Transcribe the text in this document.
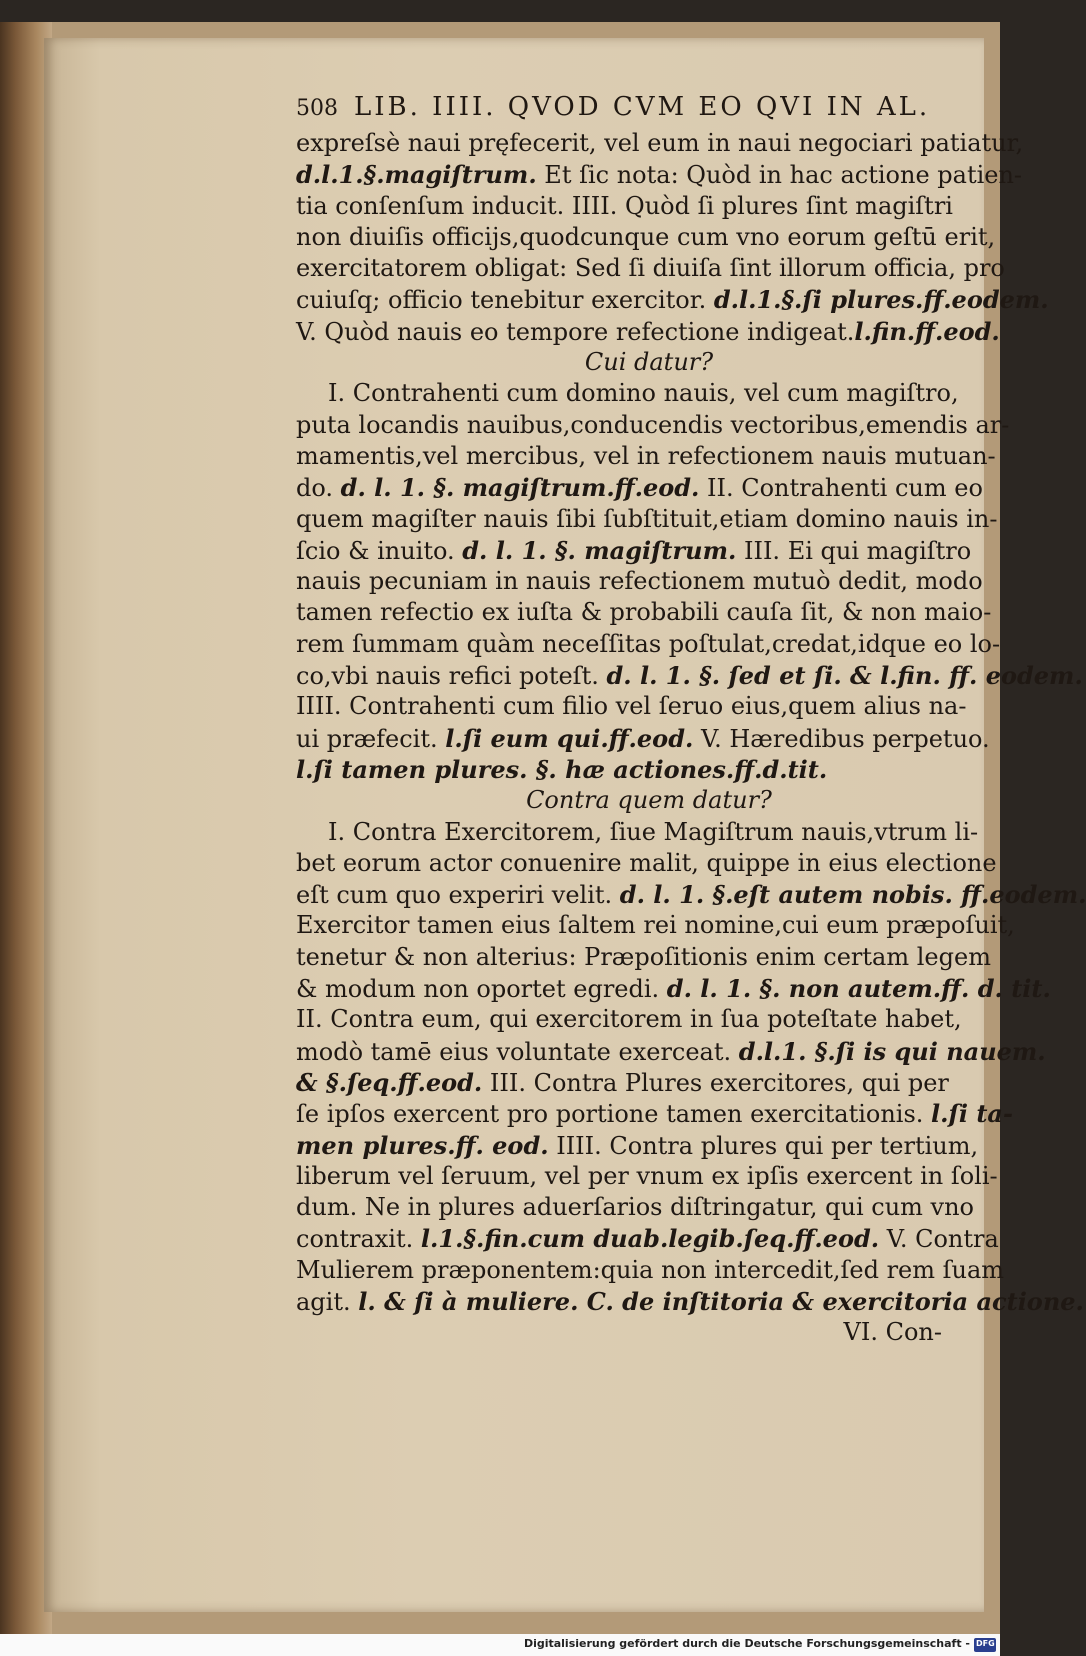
508 LIB. IIII. QVOD CVM EO QVI IN AL.
expreſsè naui pręfecerit, vel eum in naui negociari patiatur,
d.l.1.§.magiſtrum. Et ſic nota: Quòd in hac actione patien-
tia conſenſum inducit. IIII. Quòd ſi plures ſint magiſtri
non diuiſis officijs,quodcunque cum vno eorum geſtū erit,
exercitatorem obligat: Sed ſi diuiſa ſint illorum officia, pro
cuiuſq; officio tenebitur exercitor. d.l.1.§.ſi plures.ff.eodem.
V. Quòd nauis eo tempore refectione indigeat.l.fin.ff.eod.
Cui datur?
I. Contrahenti cum domino nauis, vel cum magiſtro,
puta locandis nauibus,conducendis vectoribus,emendis ar-
mamentis,vel mercibus, vel in refectionem nauis mutuan-
do. d. l. 1. §. magiſtrum.ff.eod. II. Contrahenti cum eo
quem magiſter nauis ſibi ſubſtituit,etiam domino nauis in-
ſcio & inuito. d. l. 1. §. magiſtrum. III. Ei qui magiſtro
nauis pecuniam in nauis refectionem mutuò dedit, modo
tamen refectio ex iuſta & probabili cauſa ſit, & non maio-
rem ſummam quàm neceſſitas poſtulat,credat,idque eo lo-
co,vbi nauis refici poteſt. d. l. 1. §. ſed et ſi. & l.fin. ff. eodem.
IIII. Contrahenti cum filio vel ſeruo eius,quem alius na-
ui præfecit. l.ſi eum qui.ff.eod. V. Hæredibus perpetuo.
l.ſi tamen plures. §. hæ actiones.ff.d.tit.
Contra quem datur?
I. Contra Exercitorem, ſiue Magiſtrum nauis,vtrum li-
bet eorum actor conuenire malit, quippe in eius electione
eſt cum quo experiri velit. d. l. 1. §.eſt autem nobis. ff.eodem.
Exercitor tamen eius ſaltem rei nomine,cui eum præpoſuit,
tenetur & non alterius: Præpoſitionis enim certam legem
& modum non oportet egredi. d. l. 1. §. non autem.ff. d. tit.
II. Contra eum, qui exercitorem in ſua poteſtate habet,
modò tamē eius voluntate exerceat. d.l.1. §.ſi is qui nauem.
& §.ſeq.ff.eod. III. Contra Plures exercitores, qui per
ſe ipſos exercent pro portione tamen exercitationis. l.ſi ta-
men plures.ff. eod. IIII. Contra plures qui per tertium,
liberum vel ſeruum, vel per vnum ex ipſis exercent in ſoli-
dum. Ne in plures aduerſarios diſtringatur, qui cum vno
contraxit. l.1.§.fin.cum duab.legib.ſeq.ff.eod. V. Contra
Mulierem præponentem:quia non intercedit,ſed rem ſuam
agit. l. & ſi à muliere. C. de inſtitoria & exercitoria actione.
VI. Con-
Digitalisierung gefördert durch die Deutsche Forschungsgemeinschaft -
DFG
